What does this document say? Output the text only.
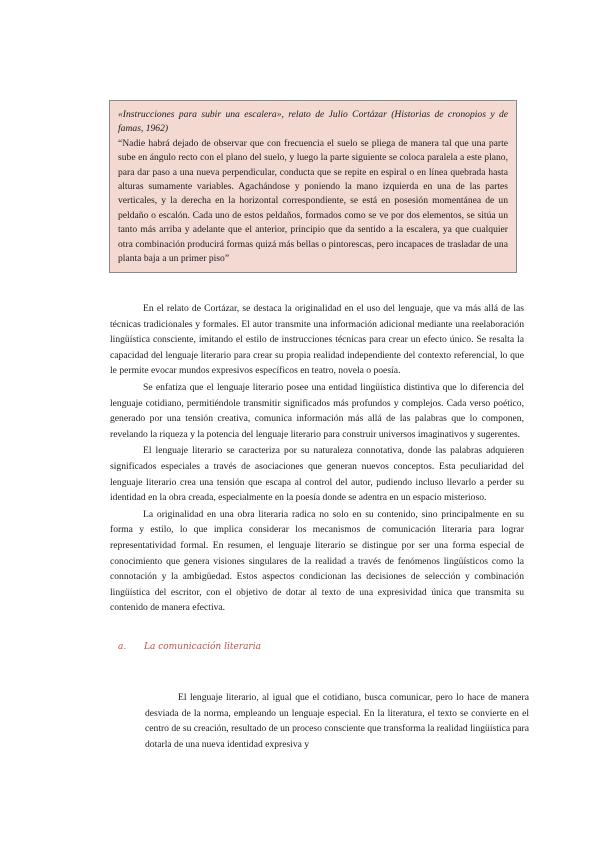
«Instrucciones para subir una escalera», relato de Julio Cortázar (Historias de cronopios y de famas, 1962)

“Nadie habrá dejado de observar que con frecuencia el suelo se pliega de manera tal que una parte sube en ángulo recto con el plano del suelo, y luego la parte siguiente se coloca paralela a este plano, para dar paso a una nueva perpendicular, conducta que se repite en espiral o en línea quebrada hasta alturas sumamente variables. Agachándose y poniendo la mano izquierda en una de las partes verticales, y la derecha en la horizontal correspondiente, se está en posesión momentánea de un peldaño o escalón. Cada uno de estos peldaños, formados como se ve por dos elementos, se sitúa un tanto más arriba y adelante que el anterior, principio que da sentido a la escalera, ya que cualquier otra combinación producirá formas quizá más bellas o pintorescas, pero incapaces de trasladar de una planta baja a un primer piso”

En el relato de Cortázar, se destaca la originalidad en el uso del lenguaje, que va más allá de las técnicas tradicionales y formales. El autor transmite una información adicional mediante una reelaboración lingüística consciente, imitando el estilo de instrucciones técnicas para crear un efecto único. Se resalta la capacidad del lenguaje literario para crear su propia realidad independiente del contexto referencial, lo que le permite evocar mundos expresivos específicos en teatro, novela o poesía.

Se enfatiza que el lenguaje literario posee una entidad lingüística distintiva que lo diferencia del lenguaje cotidiano, permitiéndole transmitir significados más profundos y complejos. Cada verso poético, generado por una tensión creativa, comunica información más allá de las palabras que lo componen, revelando la riqueza y la potencia del lenguaje literario para construir universos imaginativos y sugerentes.

El lenguaje literario se caracteriza por su naturaleza connotativa, donde las palabras adquieren significados especiales a través de asociaciones que generan nuevos conceptos. Esta peculiaridad del lenguaje literario crea una tensión que escapa al control del autor, pudiendo incluso llevarlo a perder su identidad en la obra creada, especialmente en la poesía donde se adentra en un espacio misterioso.

La originalidad en una obra literaria radica no solo en su contenido, sino principalmente en su forma y estilo, lo que implica considerar los mecanismos de comunicación literaria para lograr representatividad formal. En resumen, el lenguaje literario se distingue por ser una forma especial de conocimiento que genera visiones singulares de la realidad a través de fenómenos lingüísticos como la connotación y la ambigüedad. Estos aspectos condicionan las decisiones de selección y combinación lingüística del escritor, con el objetivo de dotar al texto de una expresividad única que transmita su contenido de manera efectiva.

a. La comunicación literaria

El lenguaje literario, al igual que el cotidiano, busca comunicar, pero lo hace de manera desviada de la norma, empleando un lenguaje especial. En la literatura, el texto se convierte en el centro de su creación, resultado de un proceso consciente que transforma la realidad lingüística para dotarla de una nueva identidad expresiva y
